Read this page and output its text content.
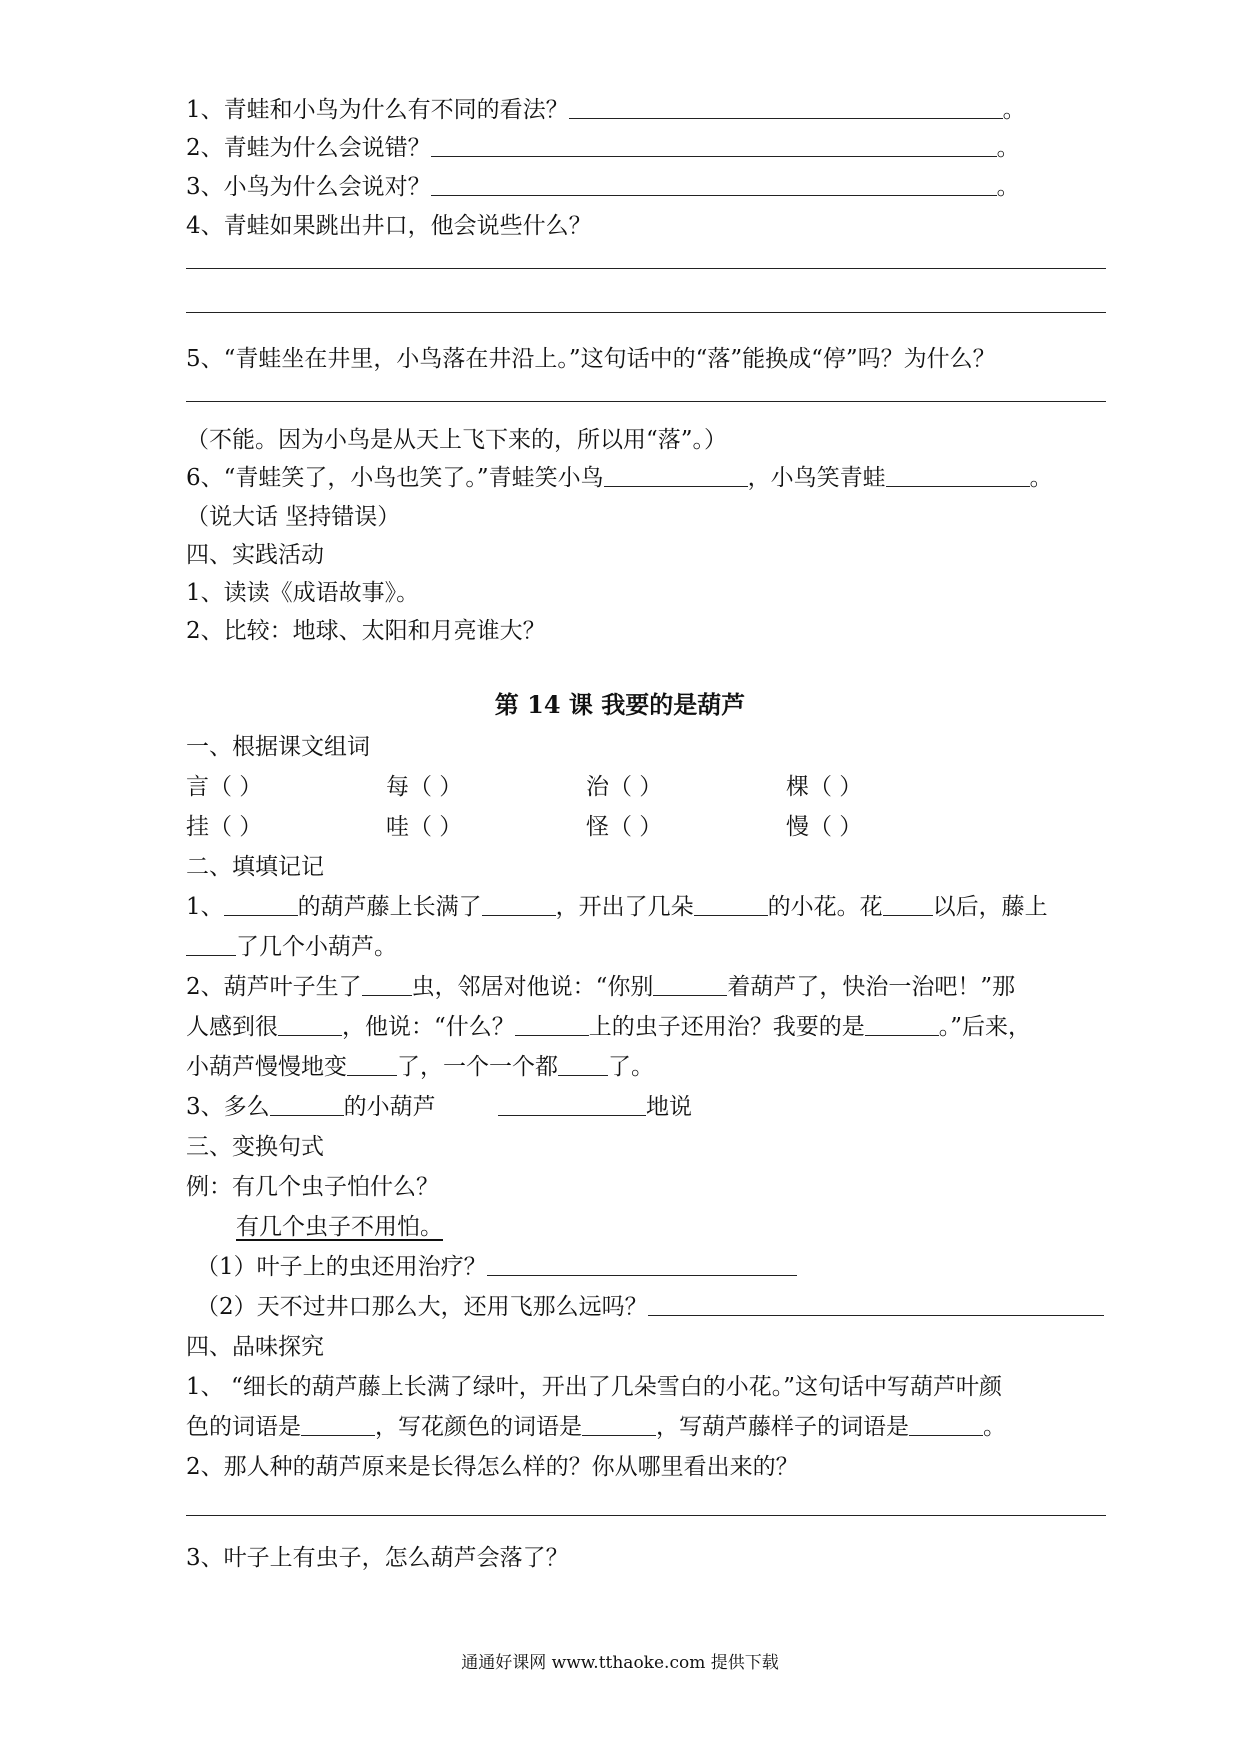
1、青蛙和小鸟为什么有不同的看法？	。
2、青蛙为什么会说错？	。
3、小鸟为什么会说对？	。
4、青蛙如果跳出井口，他会说些什么？
5、“青蛙坐在井里，小鸟落在井沿上。”这句话中的“落”能换成“停”吗？为什么？
（不能。因为小鸟是从天上飞下来的，所以用“落”。）
6、“青蛙笑了，小鸟也笑了。”青蛙笑小鸟	，小鸟笑青蛙	。
（说大话 坚持错误）
四、实践活动
1、读读《成语故事》。
2、比较：地球、太阳和月亮谁大？
第 14 课 我要的是葫芦
一、根据课文组词
言（ ）	每（ ）	治（ ）	棵（ ）
挂（ ）	哇（ ）	怪（ ）	慢（ ）
二、填填记记
1、	的葫芦藤上长满了	，开出了几朵	的小花。花 以后，藤上
了几个小葫芦。
2、葫芦叶子生了 虫，邻居对他说：“你别	着葫芦了，快治一治吧！”那
人感到很	，他说：“什么？	上的虫子还用治？我要的是	。”后来，
小葫芦慢慢地变 了，一个一个都 了。
3、多么	的小葫芦	地说
三、变换句式
例：有几个虫子怕什么？
有几个虫子不用怕。
（1）叶子上的虫还用治疗？
（2）天不过井口那么大，还用飞那么远吗？
四、品味探究
1、 “细长的葫芦藤上长满了绿叶，开出了几朵雪白的小花。”这句话中写葫芦叶颜
色的词语是	，写花颜色的词语是	，写葫芦藤样子的词语是	。
2、那人种的葫芦原来是长得怎么样的？你从哪里看出来的？
3、叶子上有虫子，怎么葫芦会落了？
通通好课网 www.tthaoke.com 提供下载
